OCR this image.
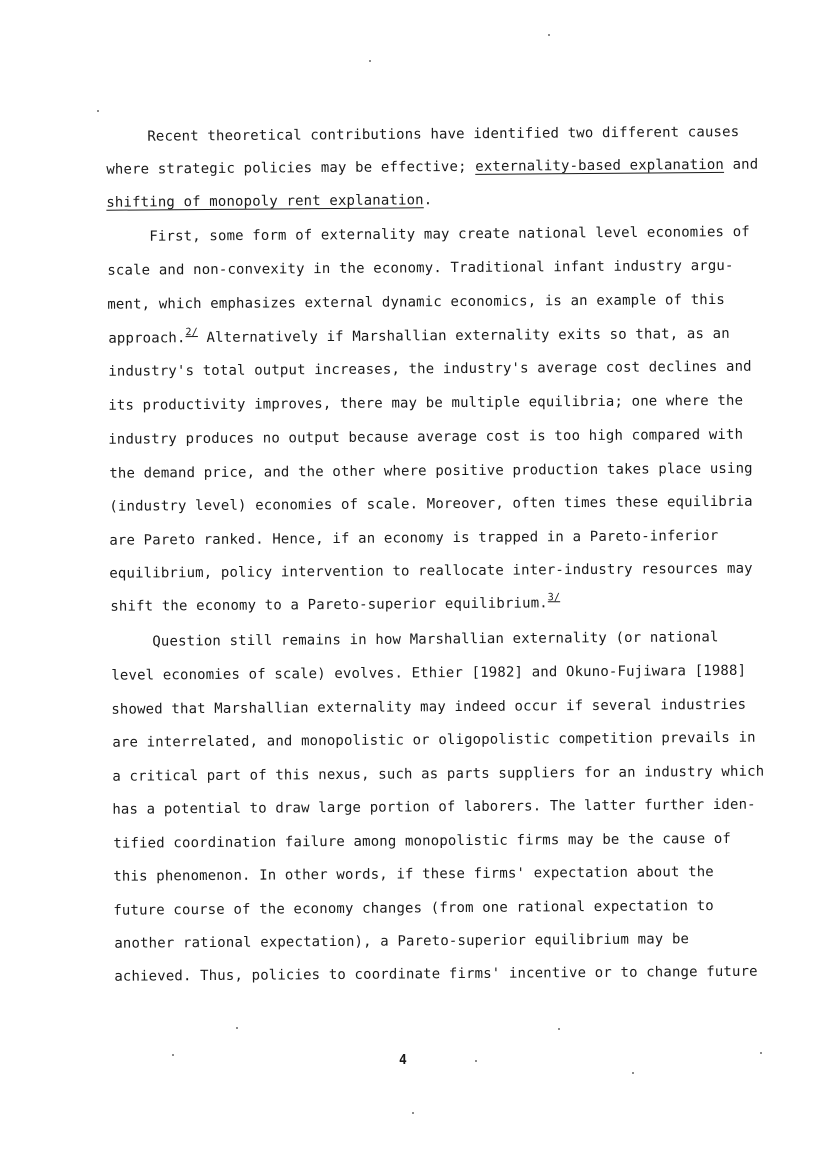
Recent theoretical contributions have identified two different causes

where strategic policies may be effective; externality-based explanation and

shifting of monopoly rent explanation.

First, some form of externality may create national level economies of

scale and non-convexity in the economy. Traditional infant industry argu-

ment, which emphasizes external dynamic economics, is an example of this

approach.$^{2/}$ Alternatively if Marshallian externality exits so that, as an

industry's total output increases, the industry's average cost declines and

its productivity improves, there may be multiple equilibria; one where the

industry produces no output because average cost is too high compared with

the demand price, and the other where positive production takes place using

(industry level) economies of scale. Moreover, often times these equilibria

are Pareto ranked. Hence, if an economy is trapped in a Pareto-inferior

equilibrium, policy intervention to reallocate inter-industry resources may

shift the economy to a Pareto-superior equilibrium.$^{3/}$

Question still remains in how Marshallian externality (or national

level economies of scale) evolves. Ethier [1982] and Okuno-Fujiwara [1988]

showed that Marshallian externality may indeed occur if several industries

are interrelated, and monopolistic or oligopolistic competition prevails in

a critical part of this nexus, such as parts suppliers for an industry which

has a potential to draw large portion of laborers. The latter further iden-

tified coordination failure among monopolistic firms may be the cause of

this phenomenon. In other words, if these firms' expectation about the

future course of the economy changes (from one rational expectation to

another rational expectation), a Pareto-superior equilibrium may be

achieved. Thus, policies to coordinate firms' incentive or to change future

4
